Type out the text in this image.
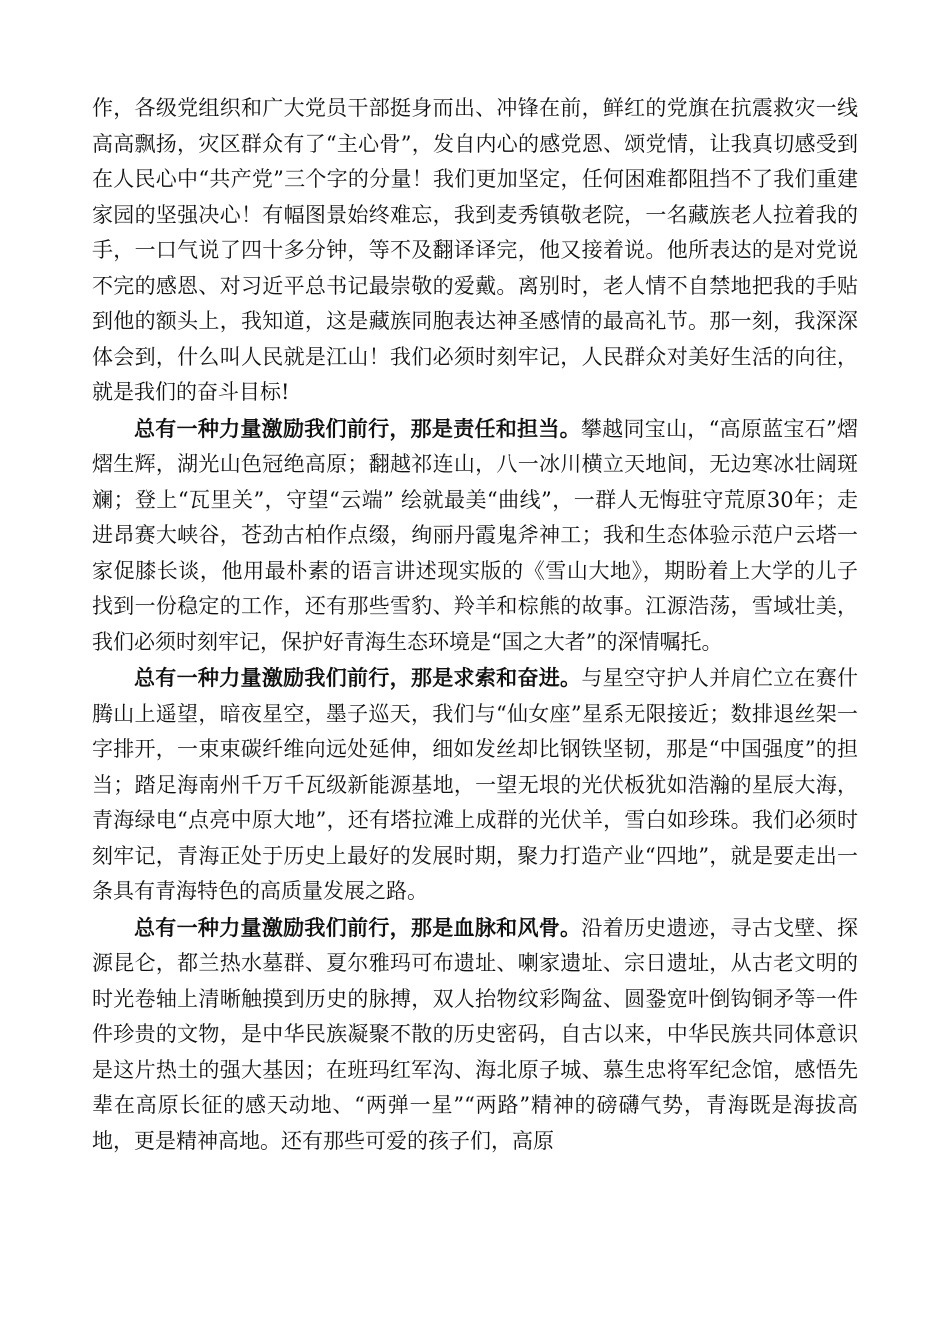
作，各级党组织和广大党员干部挺身而出、冲锋在前，鲜红的党旗在抗震救灾一线高高飘扬，灾区群众有了“主心骨”，发自内心的感党恩、颂党情，让我真切感受到在人民心中“共产党”三个字的分量！我们更加坚定，任何困难都阻挡不了我们重建家园的坚强决心！有幅图景始终难忘，我到麦秀镇敬老院，一名藏族老人拉着我的手，一口气说了四十多分钟，等不及翻译译完，他又接着说。他所表达的是对党说不完的感恩、对习近平总书记最崇敬的爱戴。离别时，老人情不自禁地把我的手贴到他的额头上，我知道，这是藏族同胞表达神圣感情的最高礼节。那一刻，我深深体会到，什么叫人民就是江山！我们必须时刻牢记，人民群众对美好生活的向往，就是我们的奋斗目标!

总有一种力量激励我们前行，那是责任和担当。攀越同宝山，“高原蓝宝石”熠熠生辉，湖光山色冠绝高原；翻越祁连山，八一冰川横立天地间，无边寒冰壮阔斑斓；登上“瓦里关”，守望“云端” 绘就最美“曲线”，一群人无悔驻守荒原30年；走进昂赛大峡谷，苍劲古柏作点缀，绚丽丹霞鬼斧神工；我和生态体验示范户云塔一家促膝长谈，他用最朴素的语言讲述现实版的《雪山大地》，期盼着上大学的儿子找到一份稳定的工作，还有那些雪豹、羚羊和棕熊的故事。江源浩荡，雪域壮美，我们必须时刻牢记，保护好青海生态环境是“国之大者”的深情嘱托。

总有一种力量激励我们前行，那是求索和奋进。与星空守护人并肩伫立在赛什腾山上遥望，暗夜星空，墨子巡天，我们与“仙女座”星系无限接近；数排退丝架一字排开，一束束碳纤维向远处延伸，细如发丝却比钢铁坚韧，那是“中国强度”的担当；踏足海南州千万千瓦级新能源基地，一望无垠的光伏板犹如浩瀚的星辰大海，青海绿电“点亮中原大地”，还有塔拉滩上成群的光伏羊，雪白如珍珠。我们必须时刻牢记，青海正处于历史上最好的发展时期，聚力打造产业“四地”，就是要走出一条具有青海特色的高质量发展之路。

总有一种力量激励我们前行，那是血脉和风骨。沿着历史遗迹，寻古戈壁、探源昆仑，都兰热水墓群、夏尔雅玛可布遗址、喇家遗址、宗日遗址，从古老文明的时光卷轴上清晰触摸到历史的脉搏，双人抬物纹彩陶盆、圆銎宽叶倒钩铜矛等一件件珍贵的文物，是中华民族凝聚不散的历史密码，自古以来，中华民族共同体意识是这片热土的强大基因；在班玛红军沟、海北原子城、慕生忠将军纪念馆，感悟先辈在高原长征的感天动地、“两弹一星”“两路”精神的磅礴气势，青海既是海拔高地，更是精神高地。还有那些可爱的孩子们，高原
